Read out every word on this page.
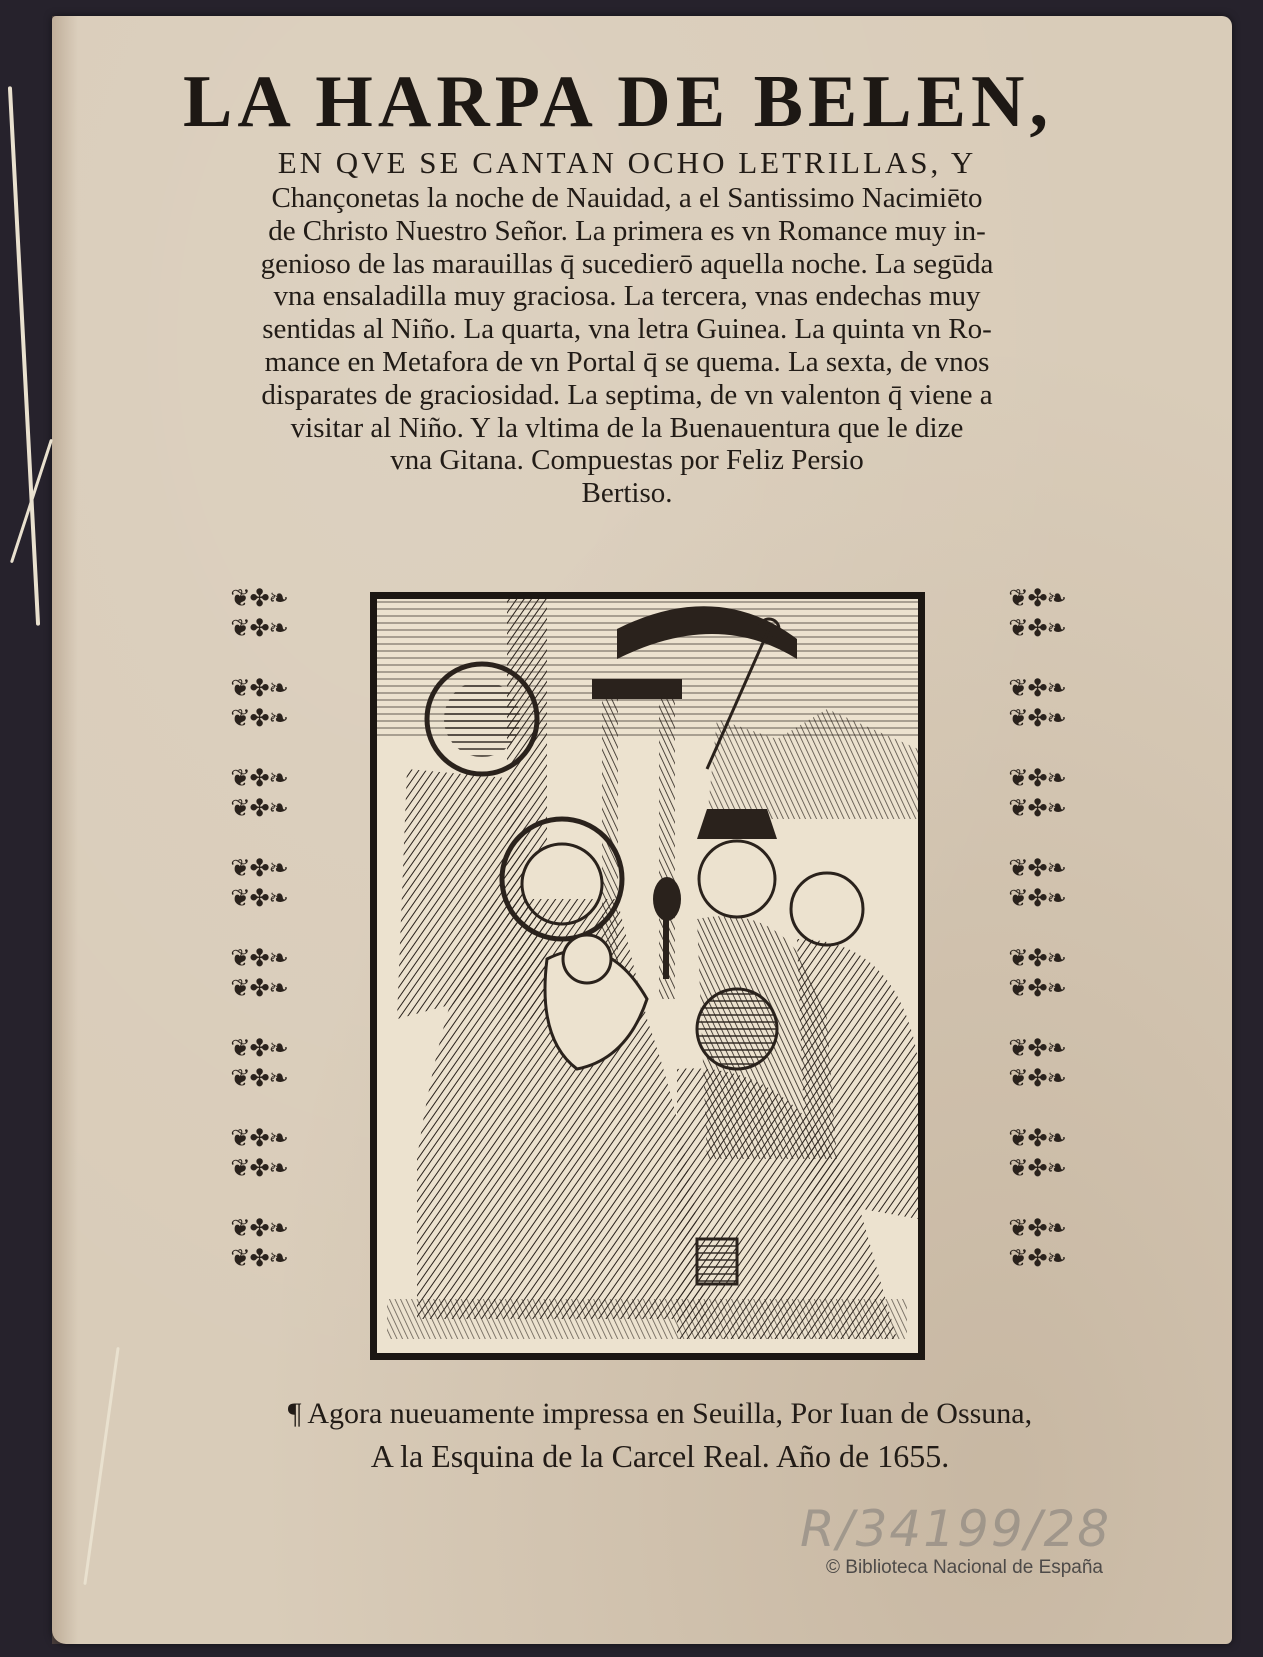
LA HARPA DE BELEN,
EN QVE SE CANTAN OCHO LETRILLAS, Y
Chançonetas la noche de Nauidad, a el Santissimo Nacimiēto
de Christo Nuestro Señor. La primera es vn Romance muy in-
genioso de las marauillas q̄ sucedierō aquella noche. La segūda
vna ensaladilla muy graciosa. La tercera, vnas endechas muy
sentidas al Niño. La quarta, vna letra Guinea. La quinta vn Ro-
mance en Metafora de vn Portal q̄ se quema. La sexta, de vnos
disparates de graciosidad. La septima, de vn valenton q̄ viene a
visitar al Niño. Y la vltima de la Buenauentura que le dize
vna Gitana. Compuestas por Feliz Persio
Bertiso.
❦✤❧
❦✤❧
❦✤❧
❦✤❧
❦✤❧
❦✤❧
❦✤❧
❦✤❧
❦✤❧
❦✤❧
❦✤❧
❦✤❧
❦✤❧
❦✤❧
❦✤❧
❦✤❧
❦✤❧
❦✤❧
❦✤❧
❦✤❧
❦✤❧
❦✤❧
❦✤❧
❦✤❧
❦✤❧
❦✤❧
❦✤❧
❦✤❧
❦✤❧
❦✤❧
❦✤❧
❦✤❧
¶ Agora nueuamente impressa en Seuilla, Por Iuan de Ossuna,
A la Esquina de la Carcel Real. Año de 1655.
R/34199/28
© Biblioteca Nacional de España
